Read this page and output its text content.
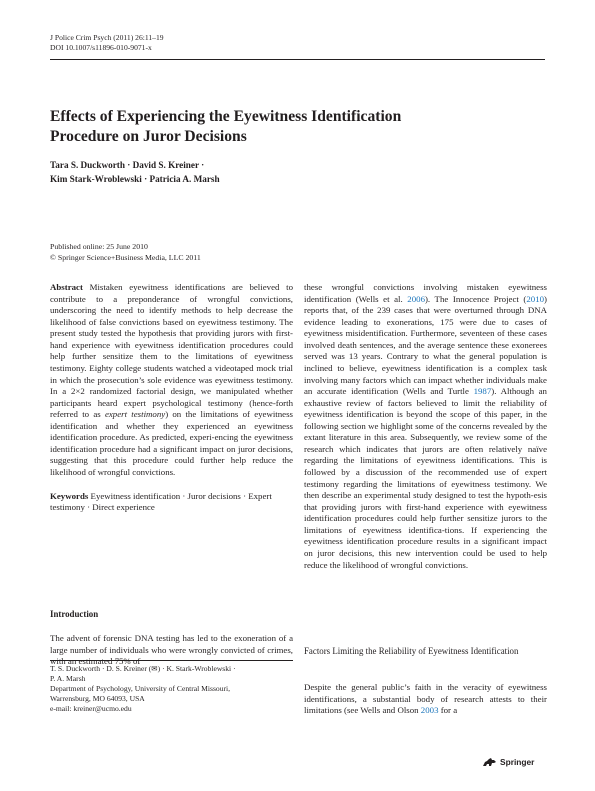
J Police Crim Psych (2011) 26:11–19
DOI 10.1007/s11896-010-9071-x
Effects of Experiencing the Eyewitness Identification
Procedure on Juror Decisions
Tara S. Duckworth · David S. Kreiner ·
Kim Stark-Wroblewski · Patricia A. Marsh
Published online: 25 June 2010
© Springer Science+Business Media, LLC 2011

Abstract Mistaken eyewitness identifications are believed to contribute to a preponderance of wrongful convictions, underscoring the need to identify methods to help decrease the likelihood of false convictions based on eyewitness testimony. The present study tested the hypothesis that providing jurors with first-hand experience with eyewitness identification procedures could help further sensitize them to the limitations of eyewitness testimony. Eighty college students watched a videotaped mock trial in which the prosecution’s sole evidence was eyewitness testimony. In a 2×2 randomized factorial design, we manipulated whether participants heard expert psychological testimony (hence-forth referred to as expert testimony) on the limitations of eyewitness identification and whether they experienced an eyewitness identification procedure. As predicted, experi-encing the eyewitness identification procedure had a significant impact on juror decisions, suggesting that this procedure could further help reduce the likelihood of wrongful convictions.

Keywords Eyewitness identification · Juror decisions · Expert testimony · Direct experience

Introduction

The advent of forensic DNA testing has led to the exoneration of a large number of individuals who were wrongly convicted of crimes, with an estimated 75% of

T. S. Duckworth · D. S. Kreiner (✉) · K. Stark-Wroblewski ·
P. A. Marsh
Department of Psychology, University of Central Missouri,
Warrensburg, MO 64093, USA
e-mail: kreiner@ucmo.edu

these wrongful convictions involving mistaken eyewitness identification (Wells et al. 2006). The Innocence Project (2010) reports that, of the 239 cases that were overturned through DNA evidence leading to exonerations, 175 were due to cases of eyewitness misidentification. Furthermore, seventeen of these cases involved death sentences, and the average sentence these exonerees served was 13 years. Contrary to what the general population is inclined to believe, eyewitness identification is a complex task involving many factors which can impact whether individuals make an accurate identification (Wells and Turtle 1987). Although an exhaustive review of factors believed to limit the reliability of eyewitness identification is beyond the scope of this paper, in the following section we highlight some of the concerns revealed by the extant literature in this area. Subsequently, we review some of the research which indicates that jurors are often relatively naïve regarding the limitations of eyewitness identifications. This is followed by a discussion of the recommended use of expert testimony regarding the limitations of eyewitness testimony. We then describe an experimental study designed to test the hypoth-esis that providing jurors with first-hand experience with eyewitness identification procedures could help further sensitize jurors to the limitations of eyewitness identifica-tions. If experiencing the eyewitness identification procedure results in a significant impact on juror decisions, this new intervention could be used to help reduce the likelihood of wrongful convictions.

Factors Limiting the Reliability of Eyewitness Identification

Despite the general public’s faith in the veracity of eyewitness identifications, a substantial body of research attests to their limitations (see Wells and Olson 2003 for a

Springer
